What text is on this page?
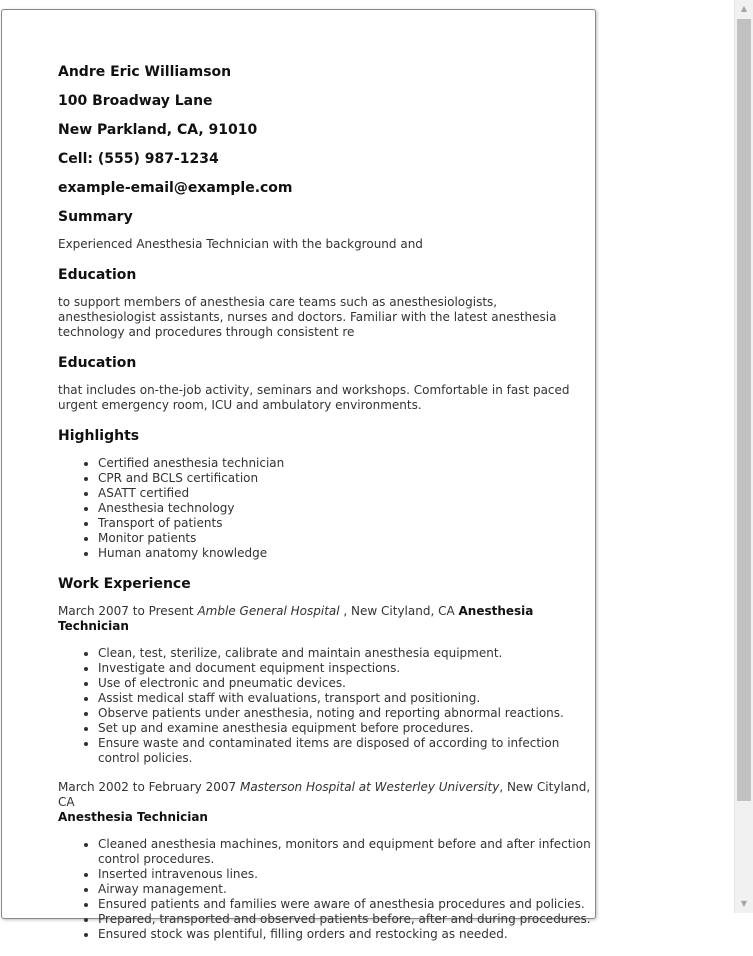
Andre Eric Williamson

100 Broadway Lane

New Parkland, CA, 91010

Cell: (555) 987-1234

example-email@example.com

Summary

Experienced Anesthesia Technician with the background and

Education

to support members of anesthesia care teams such as anesthesiologists, anesthesiologist assistants, nurses and doctors. Familiar with the latest anesthesia technology and procedures through consistent re

Education

that includes on-the-job activity, seminars and workshops. Comfortable in fast paced urgent emergency room, ICU and ambulatory environments.

Highlights
• Certified anesthesia technician
• CPR and BCLS certification
• ASATT certified
• Anesthesia technology
• Transport of patients
• Monitor patients
• Human anatomy knowledge
Work Experience

March 2007 to Present Amble General Hospital , New Cityland, CA Anesthesia Technician

• Clean, test, sterilize, calibrate and maintain anesthesia equipment.
• Investigate and document equipment inspections.
• Use of electronic and pneumatic devices.
• Assist medical staff with evaluations, transport and positioning.
• Observe patients under anesthesia, noting and reporting abnormal reactions.
• Set up and examine anesthesia equipment before procedures.
• Ensure waste and contaminated items are disposed of according to infection control policies.

March 2002 to February 2007 Masterson Hospital at Westerley University, New Cityland, CA
Anesthesia Technician

• Cleaned anesthesia machines, monitors and equipment before and after infection control procedures.
• Inserted intravenous lines.
• Airway management.
• Ensured patients and families were aware of anesthesia procedures and policies.
• Prepared, transported and observed patients before, after and during procedures.
• Ensured stock was plentiful, filling orders and restocking as needed.
▲
▼
